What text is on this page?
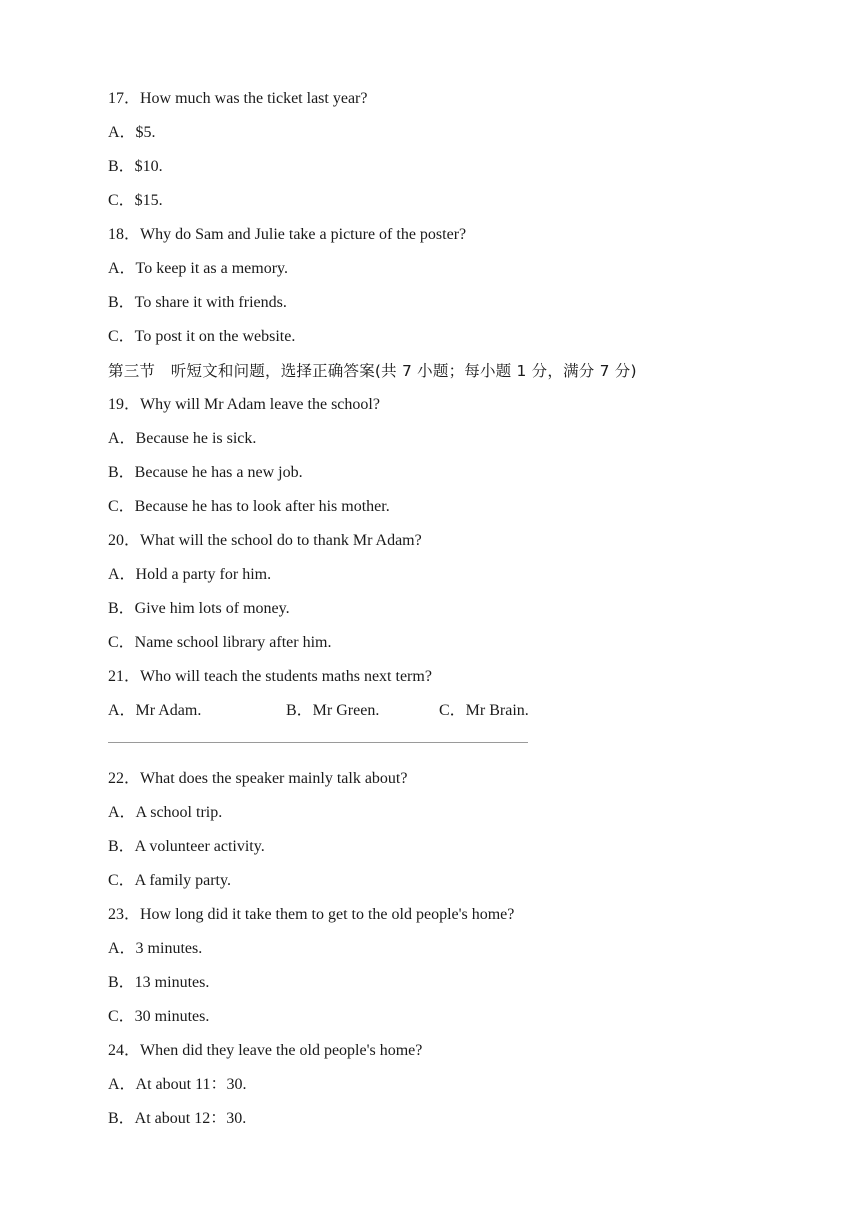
17．How much was the ticket last year?
A．$5.
B．$10.
C．$15.
18．Why do Sam and Julie take a picture of the poster?
A．To keep it as a memory.
B．To share it with friends.
C．To post it on the website.
第三节　听短文和问题，选择正确答案(共 7 小题；每小题 1 分，满分 7 分)
19．Why will Mr Adam leave the school?
A．Because he is sick.
B．Because he has a new job.
C．Because he has to look after his mother.
20．What will the school do to thank Mr Adam?
A．Hold a party for him.
B．Give him lots of money.
C．Name school library after him.
21．Who will teach the students maths next term?
A．Mr Adam.	B．Mr Green.	C．Mr Brain.
22．What does the speaker mainly talk about?
A．A school trip.
B．A volunteer activity.
C．A family party.
23．How long did it take them to get to the old people's home?
A．3 minutes.
B．13 minutes.
C．30 minutes.
24．When did they leave the old people's home?
A．At about 11：30.
B．At about 12：30.
